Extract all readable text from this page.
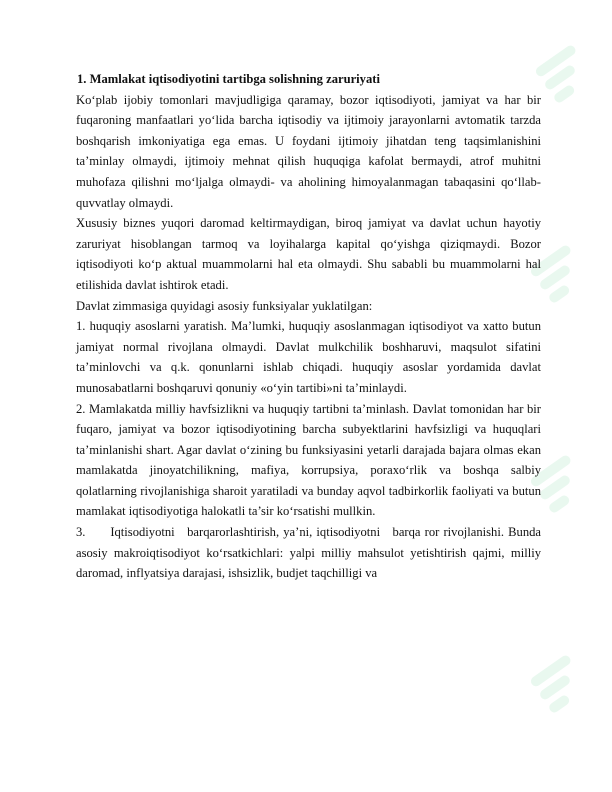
1. Mamlakat iqtisodiyotini tartibga solishning zaruriyati

Ko‘plab ijobiy tomonlari mavjudligiga qaramay, bozor iqtisodiyoti, jamiyat va har bir fuqaroning manfaatlari yo‘lida barcha iqtisodiy va ijtimoiy jarayonlarni avtomatik tarzda boshqarish imkoniyatiga ega emas. U foydani ijtimoiy jihatdan teng taqsimlanishini ta’minlay olmaydi, ijtimoiy mehnat qilish huquqiga kafolat bermaydi, atrof muhitni muhofaza qilishni mo‘ljalga olmaydi- va aholining himoyalanmagan tabaqasini qo‘llab-quvvatlay olmaydi.

Xususiy biznes yuqori daromad keltirmaydigan, biroq jamiyat va davlat uchun hayotiy zaruriyat hisoblangan tarmoq va loyihalarga kapital qo‘yishga qiziqmaydi. Bozor iqtisodiyoti ko‘p aktual muammolarni hal eta olmaydi. Shu sababli bu muammolarni hal etilishida davlat ishtirok etadi.

Davlat zimmasiga quyidagi asosiy funksiyalar yuklatilgan:

1. huquqiy asoslarni yaratish. Ma’lumki, huquqiy asoslanmagan iqtisodiyot va xatto butun jamiyat normal rivojlana olmaydi. Davlat mulkchilik boshharuvi, maqsulot sifatini ta’minlovchi va q.k. qonunlarni ishlab chiqadi. huquqiy asoslar yordamida davlat munosabatlarni boshqaruvi qonuniy «o‘yin tartibi»ni ta’minlaydi.

2. Mamlakatda milliy havfsizlikni va huquqiy tartibni ta’minlash. Davlat tomonidan har bir fuqaro, jamiyat va bozor iqtisodiyotining barcha subyektlarini havfsizligi va huquqlari ta’minlanishi shart. Agar davlat o‘zining bu funksiyasini yetarli darajada bajara olmas ekan mamlakatda jinoyatchilikning, mafiya, korrupsiya, poraxo‘rlik va boshqa salbiy qolatlarning rivojlanishiga sharoit yaratiladi va bunday aqvol tadbirkorlik faoliyati va butun mamlakat iqtisodiyotiga halokatli ta’sir ko‘rsatishi mullkin.

3.      Iqtisodiyotni   barqarorlashtirish, ya’ni, iqtisodiyotni   barqa ror rivojlanishi. Bunda asosiy makroiqtisodiyot ko‘rsatkichlari: yalpi milliy mahsulot yetishtirish qajmi, milliy daromad, inflyatsiya darajasi, ishsizlik, budjet taqchilligi va
